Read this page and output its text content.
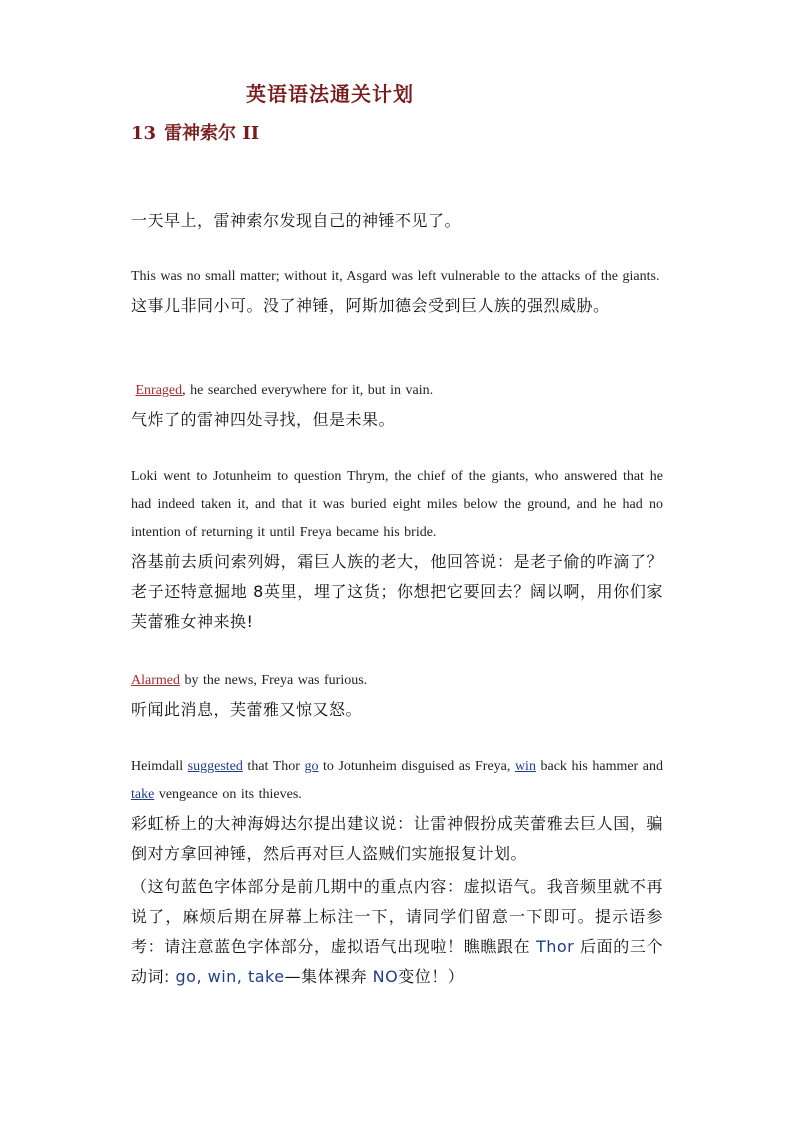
英语语法通关计划
13 雷神索尔 II
一天早上，雷神索尔发现自己的神锤不见了。
This was no small matter; without it, Asgard was left vulnerable to the attacks of the giants.
这事儿非同小可。没了神锤，阿斯加德会受到巨人族的强烈威胁。
Enraged, he searched everywhere for it, but in vain.
气炸了的雷神四处寻找，但是未果。
Loki went to Jotunheim to question Thrym, the chief of the giants, who answered that he had indeed taken it, and that it was buried eight miles below the ground, and he had no intention of returning it until Freya became his bride.
洛基前去质问索列姆，霜巨人族的老大，他回答说：是老子偷的咋滴了？老子还特意掘地 8英里，埋了这货；你想把它要回去？阔以啊，用你们家芙蕾雅女神来换!
Alarmed by the news, Freya was furious.
听闻此消息，芙蕾雅又惊又怒。
Heimdall suggested that Thor go to Jotunheim disguised as Freya, win back his hammer and take vengeance on its thieves.
彩虹桥上的大神海姆达尔提出建议说：让雷神假扮成芙蕾雅去巨人国，骗倒对方拿回神锤，然后再对巨人盗贼们实施报复计划。
（这句蓝色字体部分是前几期中的重点内容：虚拟语气。我音频里就不再说了，麻烦后期在屏幕上标注一下，请同学们留意一下即可。提示语参考：请注意蓝色字体部分，虚拟语气出现啦！瞧瞧跟在 Thor 后面的三个动词: go, win, take—集体裸奔 NO变位！）
